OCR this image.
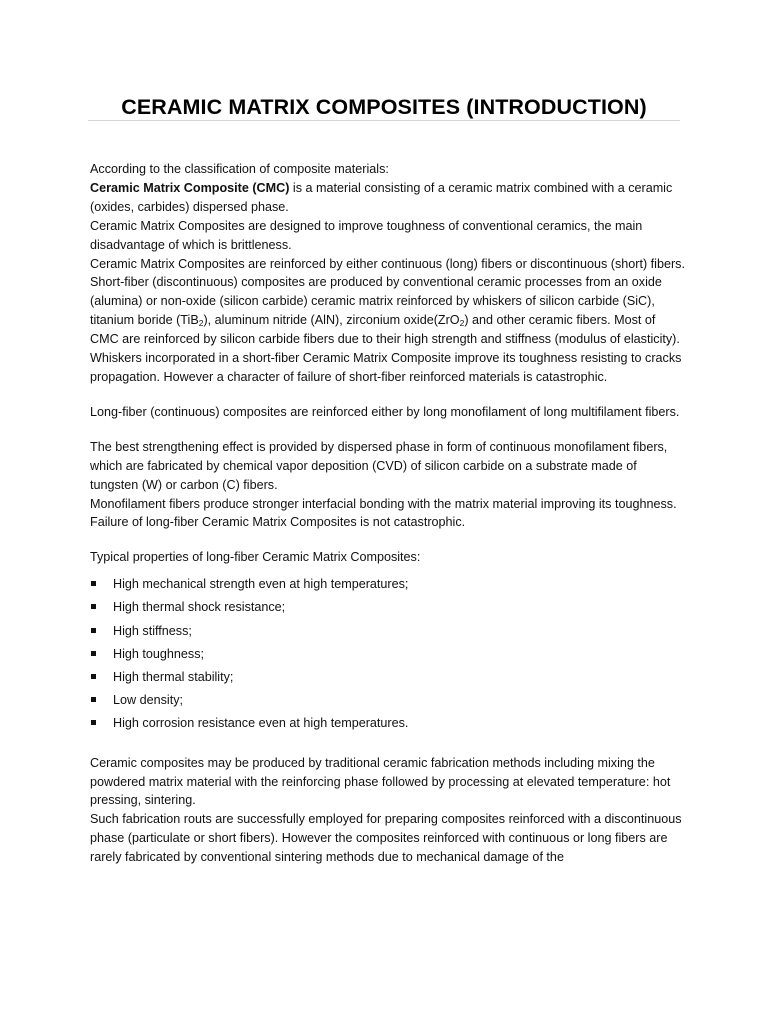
CERAMIC MATRIX COMPOSITES (INTRODUCTION)

According to the classification of composite materials:

Ceramic Matrix Composite (CMC) is a material consisting of a ceramic matrix combined with a ceramic (oxides, carbides) dispersed phase.

Ceramic Matrix Composites are designed to improve toughness of conventional ceramics, the main disadvantage of which is brittleness.

Ceramic Matrix Composites are reinforced by either continuous (long) fibers or discontinuous (short) fibers.

Short-fiber (discontinuous) composites are produced by conventional ceramic processes from an oxide (alumina) or non-oxide (silicon carbide) ceramic matrix reinforced by whiskers of silicon carbide (SiC), titanium boride (TiB$_2$), aluminum nitride (AlN), zirconium oxide(ZrO$_2$) and other ceramic fibers. Most of CMC are reinforced by silicon carbide fibers due to their high strength and stiffness (modulus of elasticity).

Whiskers incorporated in a short-fiber Ceramic Matrix Composite improve its toughness resisting to cracks propagation. However a character of failure of short-fiber reinforced materials is catastrophic.

Long-fiber (continuous) composites are reinforced either by long monofilament of long multifilament fibers.

The best strengthening effect is provided by dispersed phase in form of continuous monofilament fibers, which are fabricated by chemical vapor deposition (CVD) of silicon carbide on a substrate made of tungsten (W) or carbon (C) fibers.

Monofilament fibers produce stronger interfacial bonding with the matrix material improving its toughness.

Failure of long-fiber Ceramic Matrix Composites is not catastrophic.

Typical properties of long-fiber Ceramic Matrix Composites:

High mechanical strength even at high temperatures;
High thermal shock resistance;
High stiffness;
High toughness;
High thermal stability;
Low density;
High corrosion resistance even at high temperatures.

Ceramic composites may be produced by traditional ceramic fabrication methods including mixing the powdered matrix material with the reinforcing phase followed by processing at elevated temperature: hot pressing, sintering.

Such fabrication routs are successfully employed for preparing composites reinforced with a discontinuous phase (particulate or short fibers). However the composites reinforced with continuous or long fibers are rarely fabricated by conventional sintering methods due to mechanical damage of the
